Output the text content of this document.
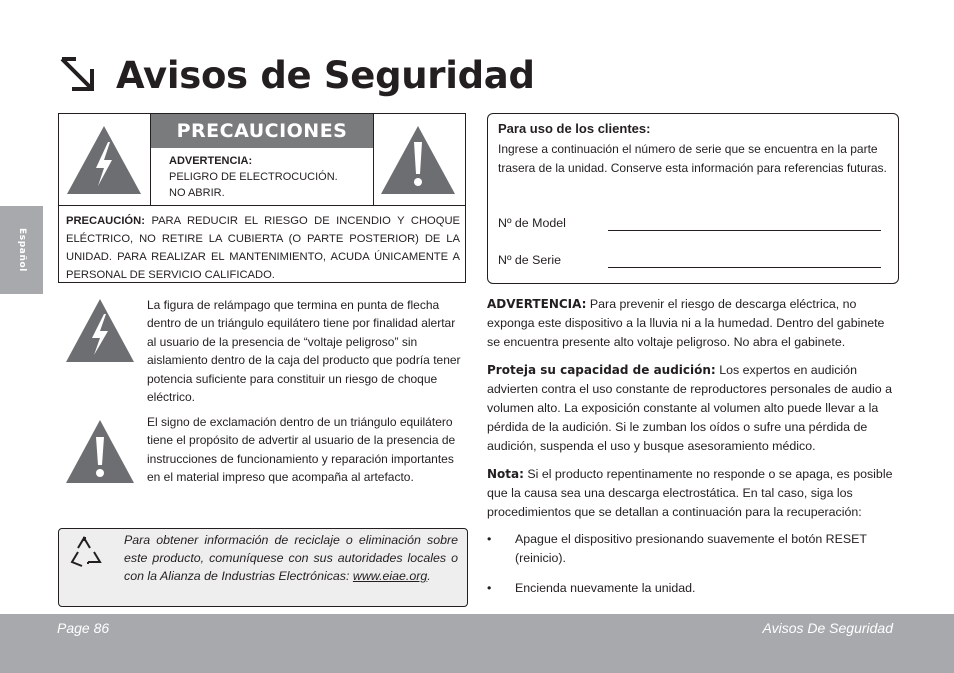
Avisos de Seguridad
Español
PRECAUCIONES
ADVERTENCIA:
PELIGRO DE ELECTROCUCIÓN.
NO ABRIR.
PRECAUCIÓN: PARA REDUCIR EL RIESGO DE INCENDIO Y CHOQUE ELÉCTRICO, NO RETIRE LA CUBIERTA (O PARTE POSTERIOR) DE LA UNIDAD. PARA REALIZAR EL MANTENIMIENTO, ACUDA ÚNICAMENTE A PERSONAL DE SERVICIO CALIFICADO.
La figura de relámpago que termina en punta de flecha dentro de un triángulo equilátero tiene por finalidad alertar al usuario de la presencia de “voltaje peligroso” sin aislamiento dentro de la caja del producto que podría tener potencia suficiente para constituir un riesgo de choque eléctrico.
El signo de exclamación dentro de un triángulo equilátero tiene el propósito de advertir al usuario de la presencia de instrucciones de funcionamiento y reparación importantes en el material impreso que acompaña al artefacto.
Para obtener información de reciclaje o eliminación sobre este producto, comuníquese con sus autoridades locales o con la Alianza de Industrias Electrónicas: www.eiae.org.
Para uso de los clientes:
Ingrese a continuación el número de serie que se encuentra en la parte trasera de la unidad. Conserve esta información para referencias futuras.
Nº de Model
Nº de Serie

ADVERTENCIA: Para prevenir el riesgo de descarga eléctrica, no exponga este dispositivo a la lluvia ni a la humedad. Dentro del gabinete se encuentra presente alto voltaje peligroso. No abra el gabinete.

Proteja su capacidad de audición: Los expertos en audición advierten contra el uso constante de reproductores personales de audio a volumen alto. La exposición constante al volumen alto puede llevar a la pérdida de la audición. Si le zumban los oídos o sufre una pérdida de audición, suspenda el uso y busque asesoramiento médico.

Nota: Si el producto repentinamente no responde o se apaga, es posible que la causa sea una descarga electrostática. En tal caso, siga los procedimientos que se detallan a continuación para la recuperación:

• Apague el dispositivo presionando suavemente el botón RESET (reinicio).
• Encienda nuevamente la unidad.
Page 86	Avisos De Seguridad
